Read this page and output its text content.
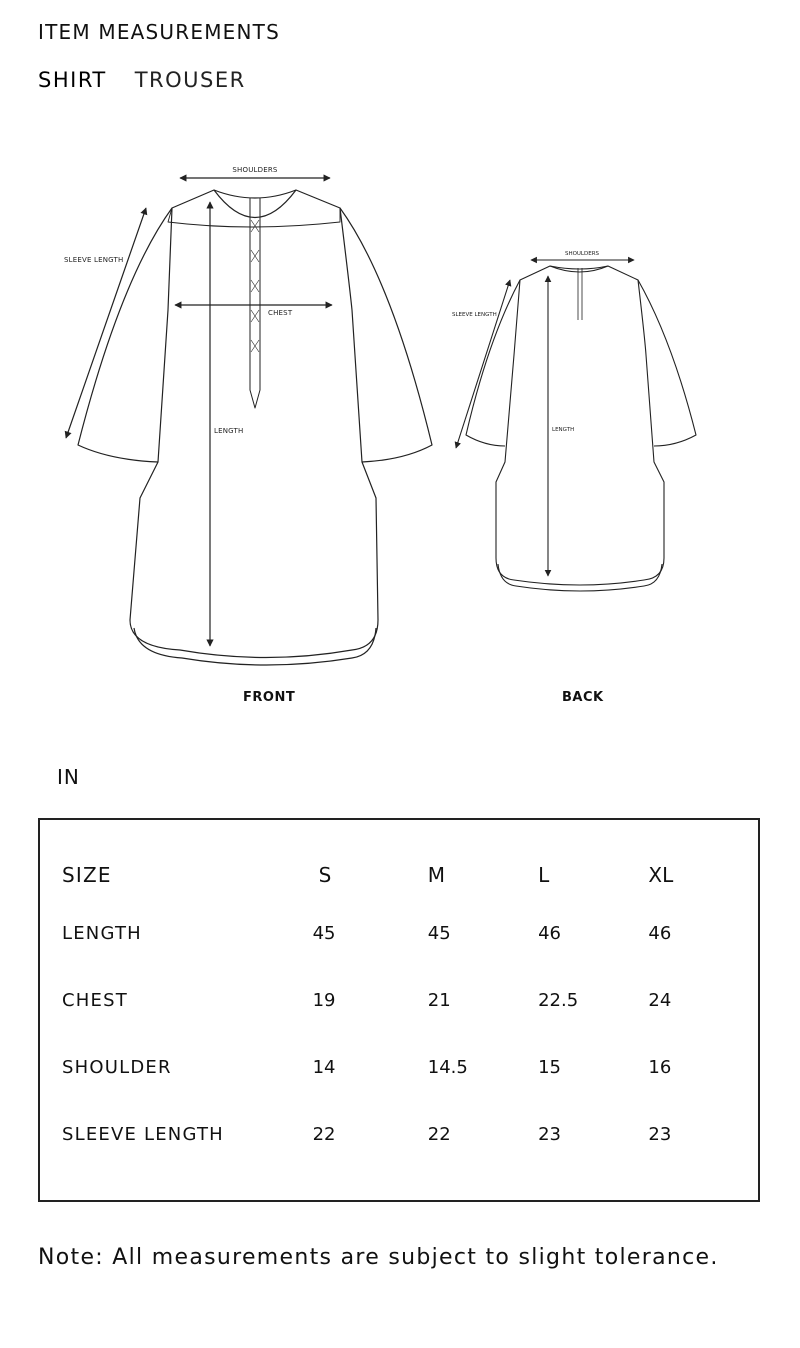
ITEM MEASUREMENTS
SHIRT TROUSER
SHOULDERS
SLEEVE LENGTH
CHEST
LENGTH
SHOULDERS
SLEEVE LENGTH
LENGTH
FRONT	BACK
IN
SIZE	S	M	L	XL
LENGTH	45	45	46	46
CHEST	19	21	22.5	24
SHOULDER	14	14.5	15	16
SLEEVE LENGTH	22	22	23	23
Note: All measurements are subject to slight tolerance.
